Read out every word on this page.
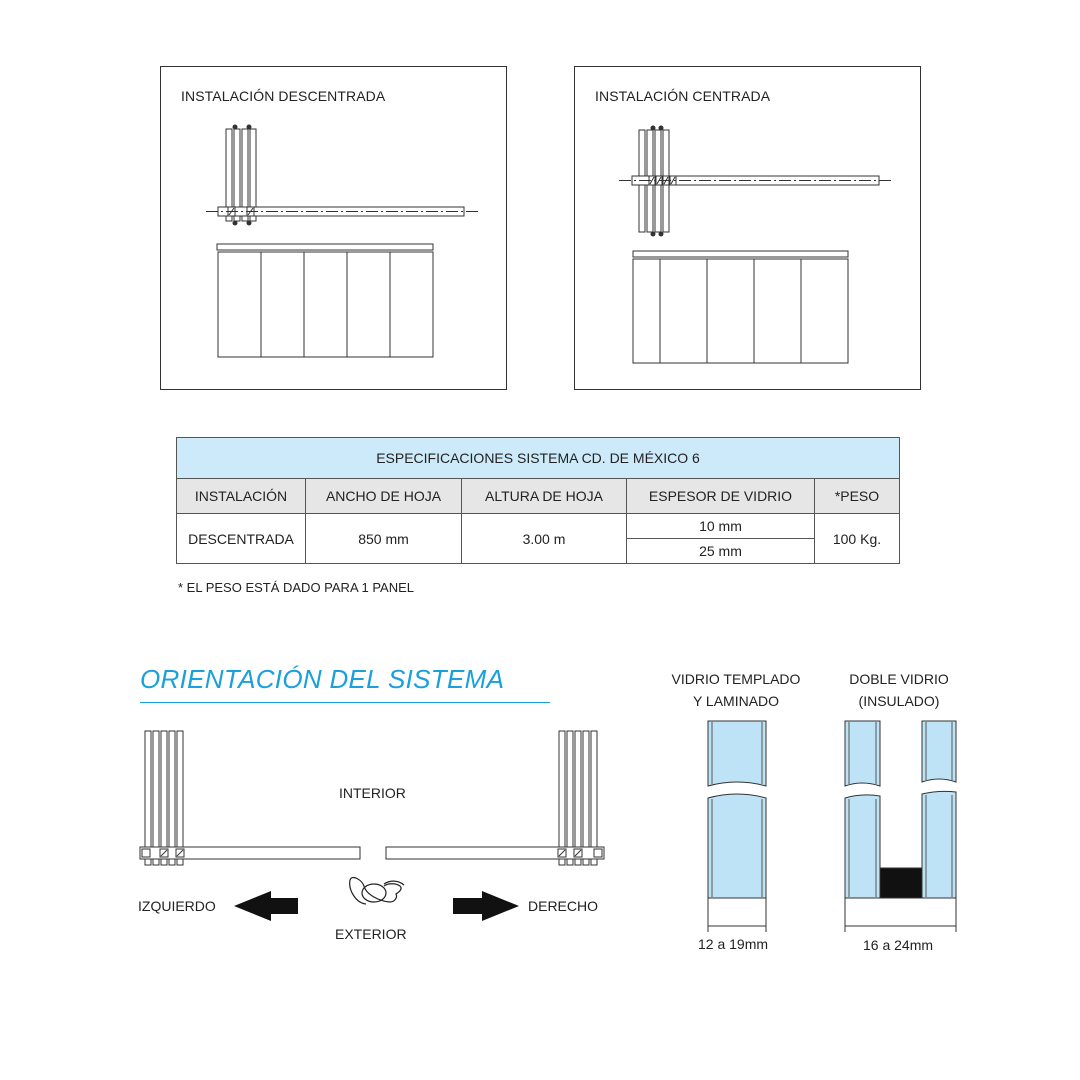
INSTALACIÓN DESCENTRADA	INSTALACIÓN CENTRADA
ESPECIFICACIONES SISTEMA CD. DE MÉXICO 6				
INSTALACIÓN	ANCHO DE HOJA	ALTURA DE HOJA	ESPESOR DE VIDRIO	*PESO
DESCENTRADA	850 mm	3.00 m	10 mm	100 Kg.
			25 mm	
* EL PESO ESTÁ DADO PARA 1 PANEL
ORIENTACIÓN DEL SISTEMA
INTERIOR
EXTERIOR
IZQUIERDO	DERECHO
VIDRIO TEMPLADO
Y LAMINADO
DOBLE VIDRIO
(INSULADO)
12 a 19mm	16 a 24mm
